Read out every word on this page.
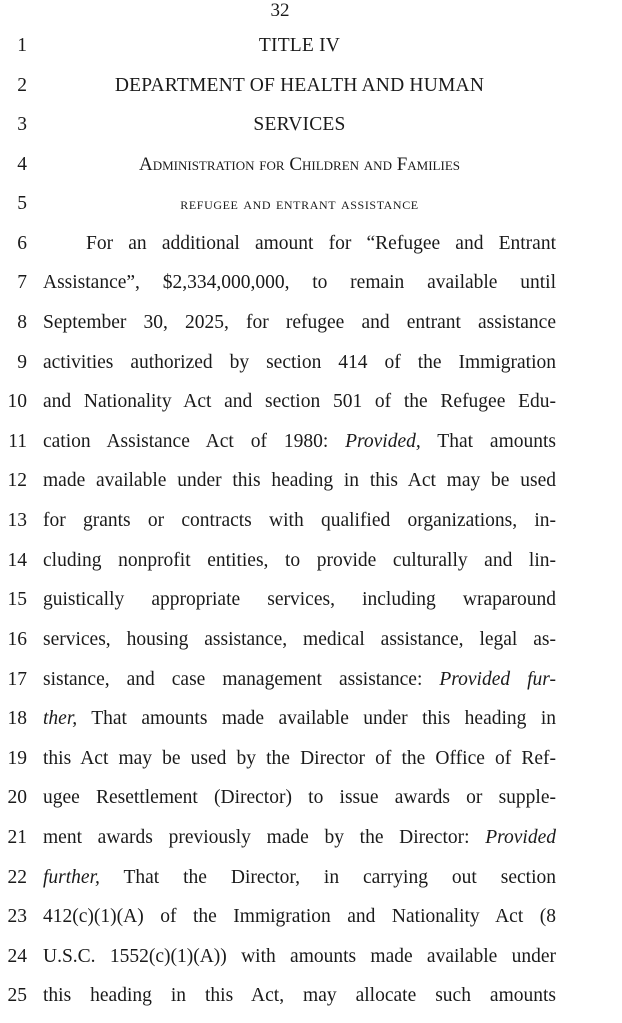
32
1	TITLE IV
2	DEPARTMENT OF HEALTH AND HUMAN
3	SERVICES
4	Administration for Children and Families
5	refugee and entrant assistance
6	For an additional amount for “Refugee and Entrant
7 Assistance”, $2,334,000,000, to remain available until
8 September 30, 2025, for refugee and entrant assistance
9 activities authorized by section 414 of the Immigration
10 and Nationality Act and section 501 of the Refugee Edu-
11 cation Assistance Act of 1980: Provided, That amounts
12 made available under this heading in this Act may be used
13 for grants or contracts with qualified organizations, in-
14 cluding nonprofit entities, to provide culturally and lin-
15 guistically appropriate services, including wraparound
16 services, housing assistance, medical assistance, legal as-
17 sistance, and case management assistance: Provided fur-
18 ther, That amounts made available under this heading in
19 this Act may be used by the Director of the Office of Ref-
20 ugee Resettlement (Director) to issue awards or supple-
21 ment awards previously made by the Director: Provided
22 further, That the Director, in carrying out section
23 412(c)(1)(A) of the Immigration and Nationality Act (8
24 U.S.C. 1552(c)(1)(A)) with amounts made available under
25 this heading in this Act, may allocate such amounts
